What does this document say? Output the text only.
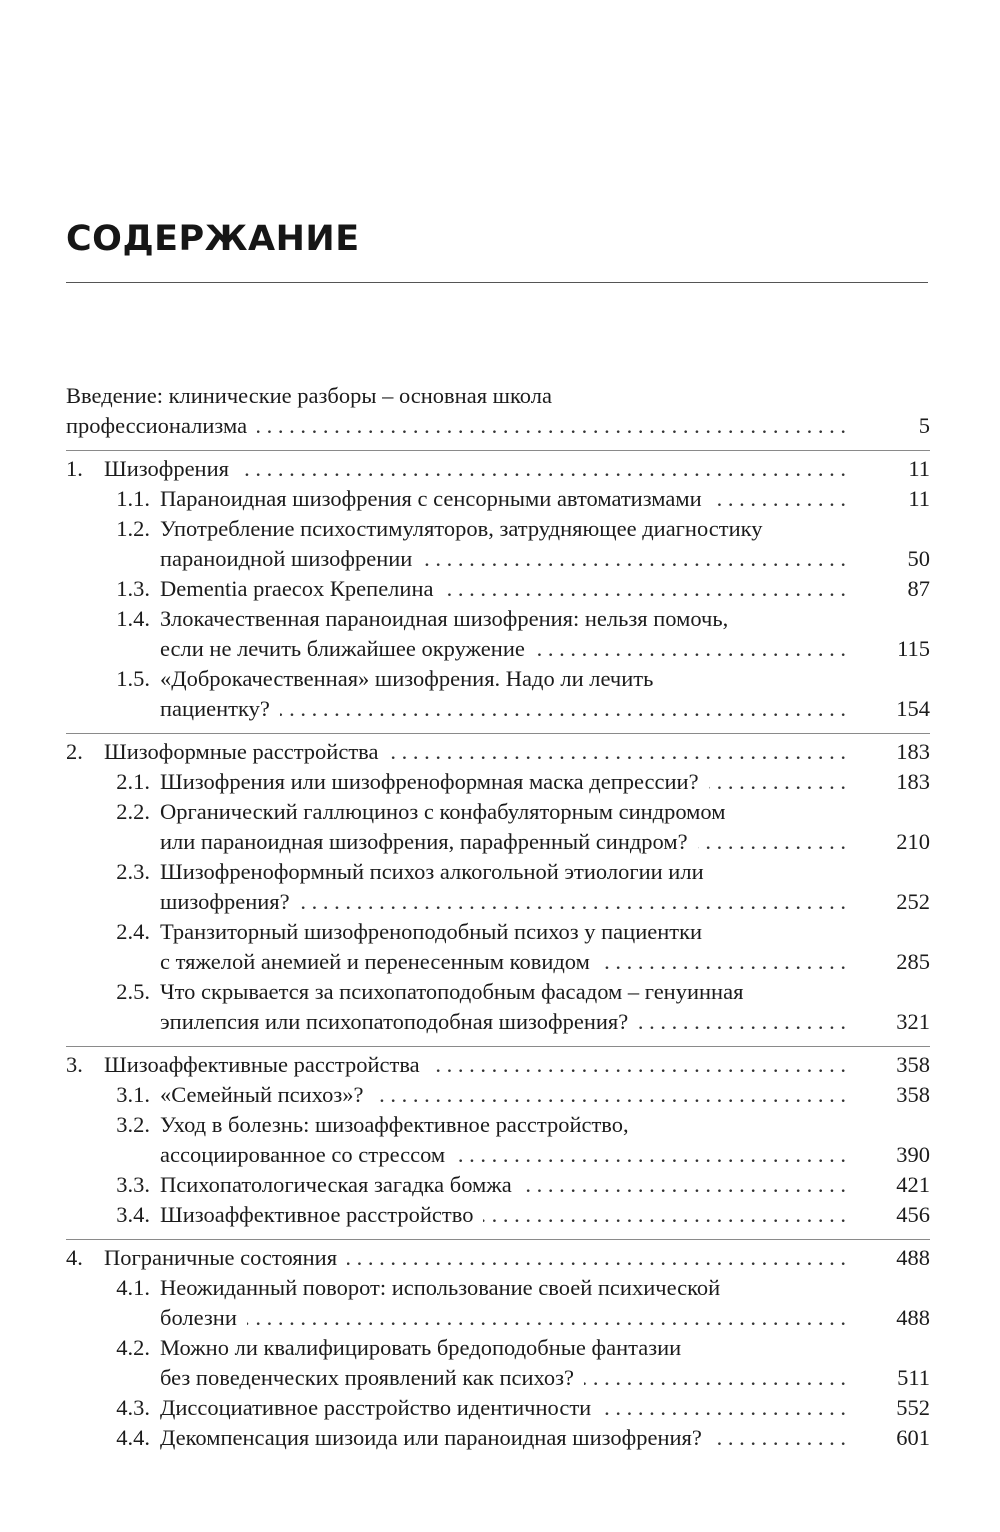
СОДЕРЖАНИЕ
Введение: клинические разборы – основная школа
профессионализма . . .	5
1. Шизофрения . . .	11
1.1. Параноидная шизофрения с сенсорными автоматизмами . . .	11
1.2. Употребление психостимуляторов, затрудняющее диагностику
параноидной шизофрении . . .	50
1.3. Dementia praecox Крепелина . . .	87
1.4. Злокачественная параноидная шизофрения: нельзя помочь,
если не лечить ближайшее окружение . . .	115
1.5. «Доброкачественная» шизофрения. Надо ли лечить
пациентку? . . .	154
2. Шизоформные расстройства . . .	183
2.1. Шизофрения или шизофреноформная маска депрессии? . . .	183
2.2. Органический галлюциноз с конфабуляторным синдромом
или параноидная шизофрения, парафренный синдром? . . .	210
2.3. Шизофреноформный психоз алкогольной этиологии или
шизофрения? . . .	252
2.4. Транзиторный шизофреноподобный психоз у пациентки
с тяжелой анемией и перенесенным ковидом . . .	285
2.5. Что скрывается за психопатоподобным фасадом – генуинная
эпилепсия или психопатоподобная шизофрения? . . .	321
3. Шизоаффективные расстройства . . .	358
3.1. «Семейный психоз»? . . .	358
3.2. Уход в болезнь: шизоаффективное расстройство,
ассоциированное со стрессом . . .	390
3.3. Психопатологическая загадка бомжа . . .	421
3.4. Шизоаффективное расстройство . . .	456
4. Пограничные состояния . . .	488
4.1. Неожиданный поворот: использование своей психической
болезни . . .	488
4.2. Можно ли квалифицировать бредоподобные фантазии
без поведенческих проявлений как психоз? . . .	511
4.3. Диссоциативное расстройство идентичности . . .	552
4.4. Декомпенсация шизоида или параноидная шизофрения? . . .	601
